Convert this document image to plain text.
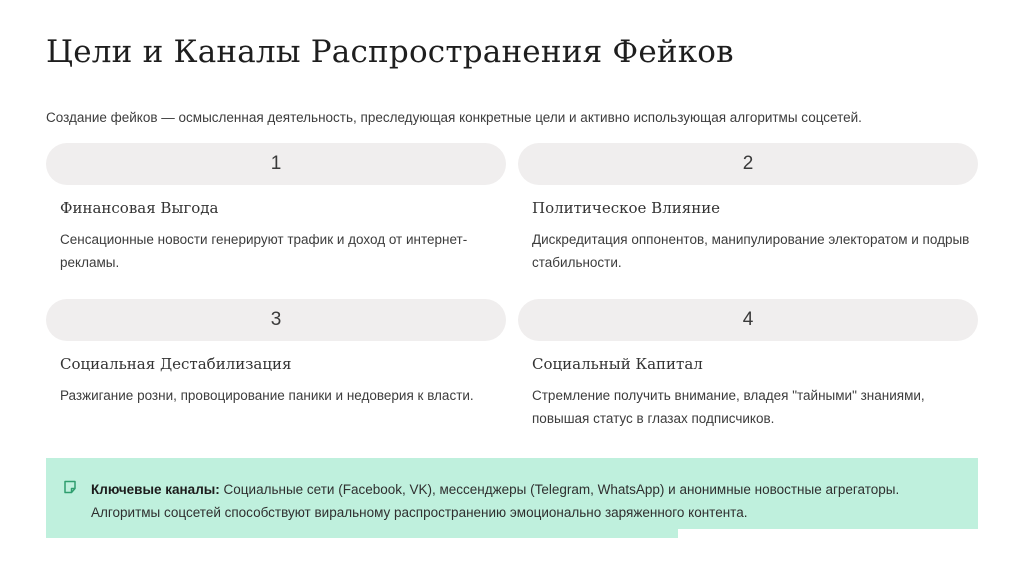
Цели и Каналы Распространения Фейков
Создание фейков — осмысленная деятельность, преследующая конкретные цели и активно использующая алгоритмы соцсетей.
1
Финансовая Выгода
Сенсационные новости генерируют трафик и доход от интернет-рекламы.
2
Политическое Влияние
Дискредитация оппонентов, манипулирование электоратом и подрыв стабильности.
3
Социальная Дестабилизация
Разжигание розни, провоцирование паники и недоверия к власти.
4
Социальный Капитал
Стремление получить внимание, владея "тайными" знаниями, повышая статус в глазах подписчиков.
Ключевые каналы: Социальные сети (Facebook, VK), мессенджеры (Telegram, WhatsApp) и анонимные новостные агрегаторы. Алгоритмы соцсетей способствуют виральному распространению эмоционально заряженного контента.
